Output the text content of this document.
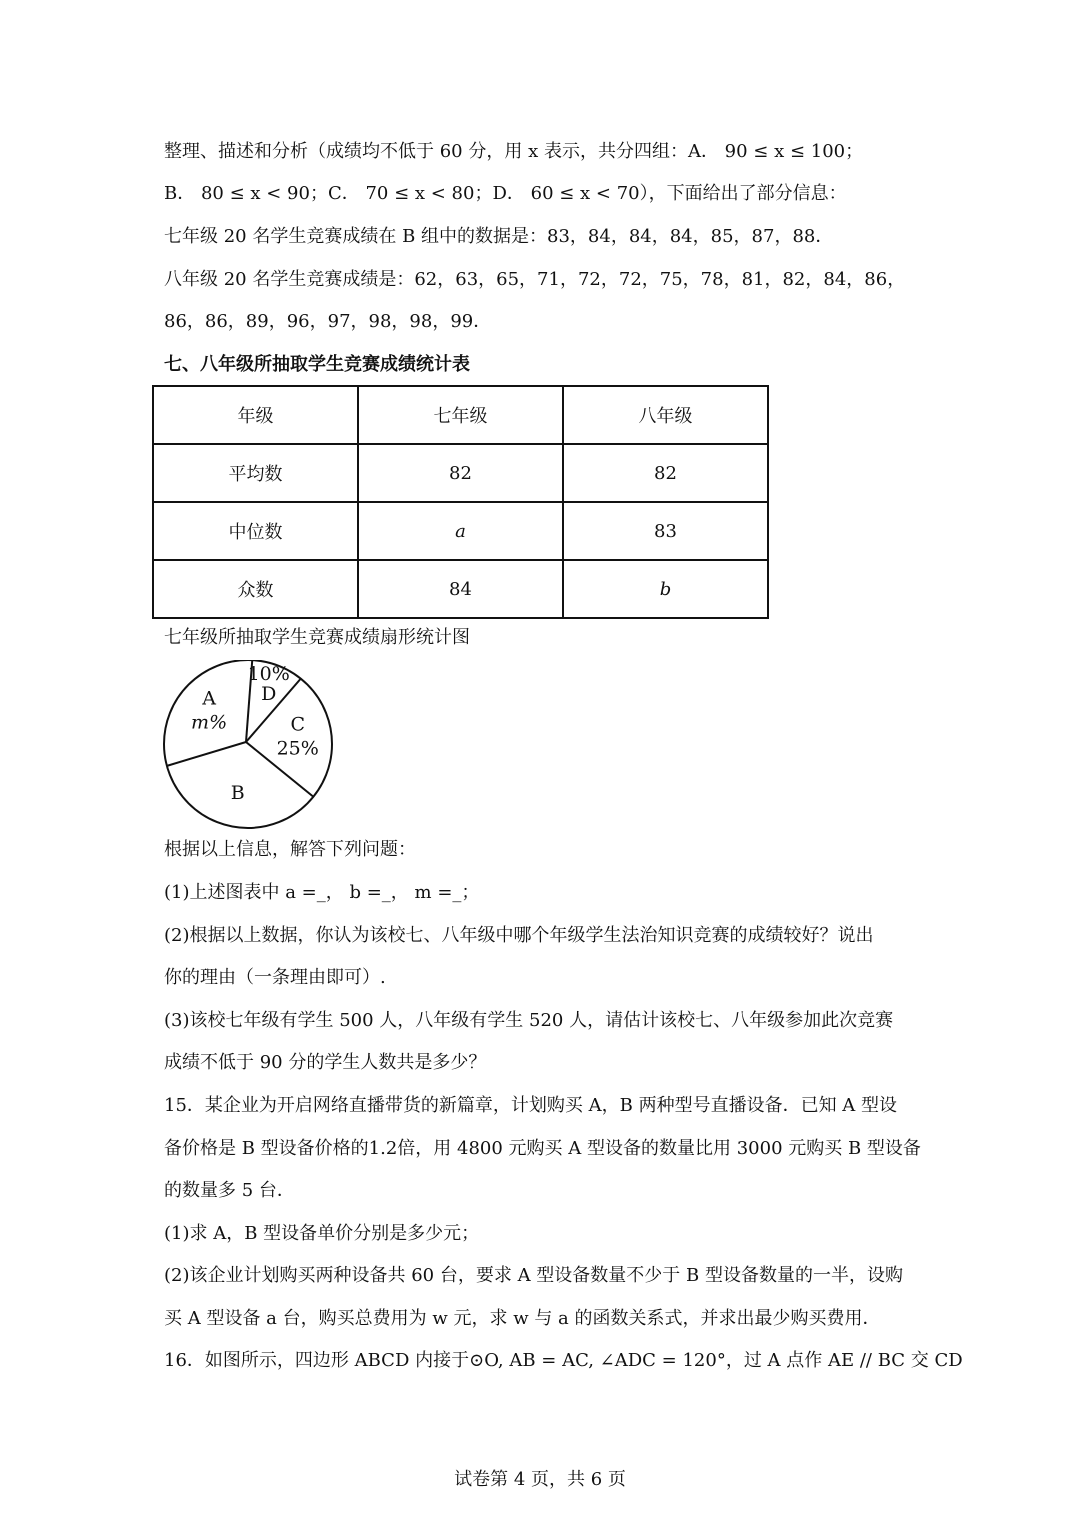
整理、描述和分析（成绩均不低于 60 分，用 x 表示，共分四组：A． 90 ≤ x ≤ 100；
B． 80 ≤ x < 90；C． 70 ≤ x < 80；D． 60 ≤ x < 70），下面给出了部分信息：
七年级 20 名学生竞赛成绩在 B 组中的数据是：83，84，84，84，85，87，88．
八年级 20 名学生竞赛成绩是：62，63，65，71，72，72，75，78，81，82，84，86，
86，86，89，96，97，98，98，99．
七、八年级所抽取学生竞赛成绩统计表
年级	七年级	八年级
平均数	82	82
中位数	a	83
众数	84	b
七年级所抽取学生竞赛成绩扇形统计图
10%
D
25%
C
B
m%
A
根据以上信息，解答下列问题：
(1)上述图表中 a =_， b =_， m =_；
(2)根据以上数据，你认为该校七、八年级中哪个年级学生法治知识竞赛的成绩较好？说出
你的理由（一条理由即可）.
(3)该校七年级有学生 500 人，八年级有学生 520 人，请估计该校七、八年级参加此次竞赛
成绩不低于 90 分的学生人数共是多少？
15．某企业为开启网络直播带货的新篇章，计划购买 A，B 两种型号直播设备．已知 A 型设
备价格是 B 型设备价格的1.2倍，用 4800 元购买 A 型设备的数量比用 3000 元购买 B 型设备
的数量多 5 台．
(1)求 A，B 型设备单价分别是多少元；
(2)该企业计划购买两种设备共 60 台，要求 A 型设备数量不少于 B 型设备数量的一半，设购
买 A 型设备 a 台，购买总费用为 w 元，求 w 与 a 的函数关系式，并求出最少购买费用．
16．如图所示，四边形 ABCD 内接于⊙O, AB = AC, ∠ADC = 120°，过 A 点作 AE // BC 交 CD
试卷第 4 页，共 6 页
